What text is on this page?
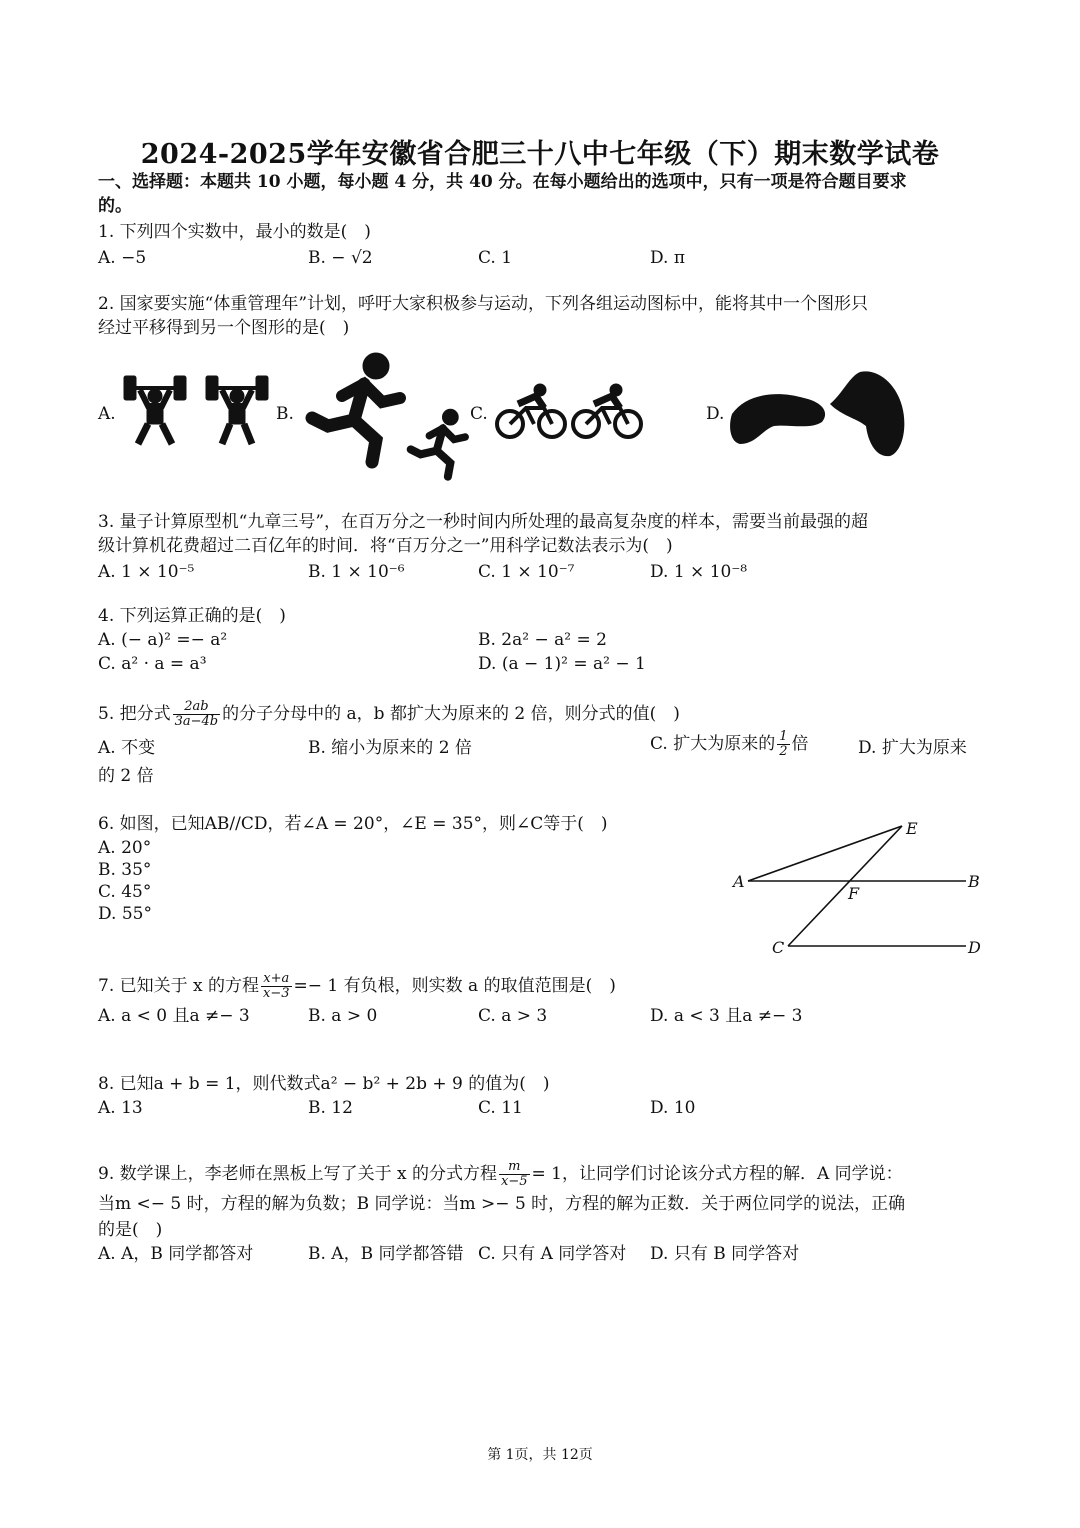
2024-2025学年安徽省合肥三十八中七年级（下）期末数学试卷
一、选择题：本题共 10 小题，每小题 4 分，共 40 分。在每小题给出的选项中，只有一项是符合题目要求
的。
1. 下列四个实数中，最小的数是(　)
A. −5	B. − √2	C. 1	D. π
2. 国家要实施“体重管理年”计划，呼吁大家积极参与运动，下列各组运动图标中，能将其中一个图形只
经过平移得到另一个图形的是(　)
A.	B.	C.	D.
3. 量子计算原型机“九章三号”，在百万分之一秒时间内所处理的最高复杂度的样本，需要当前最强的超
级计算机花费超过二百亿年的时间．将“百万分之一”用科学记数法表示为(　)
A. 1 × 10⁻⁵	B. 1 × 10⁻⁶	C. 1 × 10⁻⁷	D. 1 × 10⁻⁸
4. 下列运算正确的是(　)
A. (− a)² =− a²	B. 2a² − a² = 2
C. a² · a = a³	D. (a − 1)² = a² − 1
5. 把分式 $\frac{2ab}{3a-4b}$ 的分子分母中的 a，b 都扩大为原来的 2 倍，则分式的值(　)
A. 不变	B. 缩小为原来的 2 倍	C. 扩大为原来的 $\frac{1}{2}$ 倍	D. 扩大为原来
的 2 倍
6. 如图，已知AB//CD，若∠A = 20°，∠E = 35°，则∠C等于(　)
A. 20°
B. 35°
C. 45°
D. 55°
E
A	B
F
C	D
7. 已知关于 x 的方程 $\frac{x+a}{x-3} =- 1$ 有负根，则实数 a 的取值范围是(　)
A. a < 0 且a ≠− 3	B. a > 0	C. a > 3	D. a < 3 且a ≠− 3
8. 已知a + b = 1，则代数式a² − b² + 2b + 9 的值为(　)
A. 13	B. 12	C. 11	D. 10
9. 数学课上，李老师在黑板上写了关于 x 的分式方程 $\frac{m}{x-5} = 1$，让同学们讨论该分式方程的解．A 同学说：
当m <− 5 时，方程的解为负数；B 同学说：当m >− 5 时，方程的解为正数．关于两位同学的说法，正确
的是(　)
A. A，B 同学都答对	B. A，B 同学都答错 C. 只有 A 同学答对 D. 只有 B 同学答对
第 1页，共 12页
